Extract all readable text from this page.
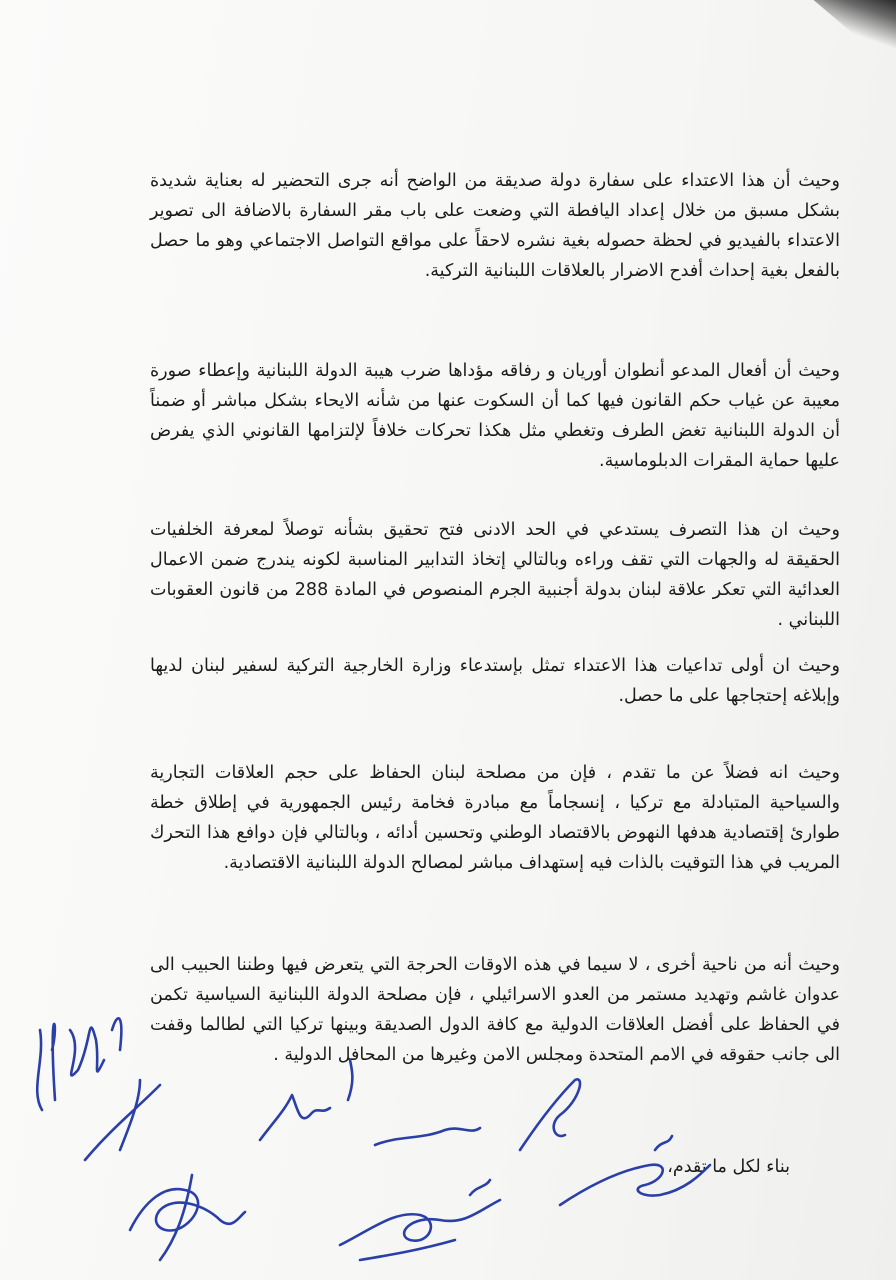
وحيث أن هذا الاعتداء على سفارة دولة صديقة من الواضح أنه جرى التحضير له بعناية شديدة بشكل مسبق من خلال إعداد اليافطة التي وضعت على باب مقر السفارة بالاضافة الى تصوير الاعتداء بالفيديو في لحظة حصوله بغية نشره لاحقاً على مواقع التواصل الاجتماعي وهو ما حصل بالفعل بغية إحداث أفدح الاضرار بالعلاقات اللبنانية التركية.

وحيث أن أفعال المدعو أنطوان أوريان و رفاقه مؤداها ضرب هيبة الدولة اللبنانية وإعطاء صورة معيبة عن غياب حكم القانون فيها كما أن السكوت عنها من شأنه الايحاء بشكل مباشر أو ضمناً أن الدولة اللبنانية تغض الطرف وتغطي مثل هكذا تحركات خلافاً لإلتزامها القانوني الذي يفرض عليها حماية المقرات الدبلوماسية.

وحيث ان هذا التصرف يستدعي في الحد الادنى فتح تحقيق بشأنه توصلاً لمعرفة الخلفيات الحقيقة له والجهات التي تقف وراءه وبالتالي إتخاذ التدابير المناسبة لكونه يندرج ضمن الاعمال العدائية التي تعكر علاقة لبنان بدولة أجنبية الجرم المنصوص في المادة 288 من قانون العقوبات اللبناني .

وحيث ان أولى تداعيات هذا الاعتداء تمثل بإستدعاء وزارة الخارجية التركية لسفير لبنان لديها وإبلاغه إحتجاجها على ما حصل.

وحيث انه فضلاً عن ما تقدم ، فإن من مصلحة لبنان الحفاظ على حجم العلاقات التجارية والسياحية المتبادلة مع تركيا ، إنسجاماً مع مبادرة فخامة رئيس الجمهورية في إطلاق خطة طوارئ إقتصادية هدفها النهوض بالاقتصاد الوطني وتحسين أدائه ، وبالتالي فإن دوافع هذا التحرك المريب في هذا التوقيت بالذات فيه إستهداف مباشر لمصالح الدولة اللبنانية الاقتصادية.

وحيث أنه من ناحية أخرى ، لا سيما في هذه الاوقات الحرجة التي يتعرض فيها وطننا الحبيب الى عدوان غاشم وتهديد مستمر من العدو الاسرائيلي ، فإن مصلحة الدولة اللبنانية السياسية تكمن في الحفاظ على أفضل العلاقات الدولية مع كافة الدول الصديقة وبينها تركيا التي لطالما وقفت الى جانب حقوقه في الامم المتحدة ومجلس الامن وغيرها من المحافل الدولية .

بناء لكل ما تقدم،
